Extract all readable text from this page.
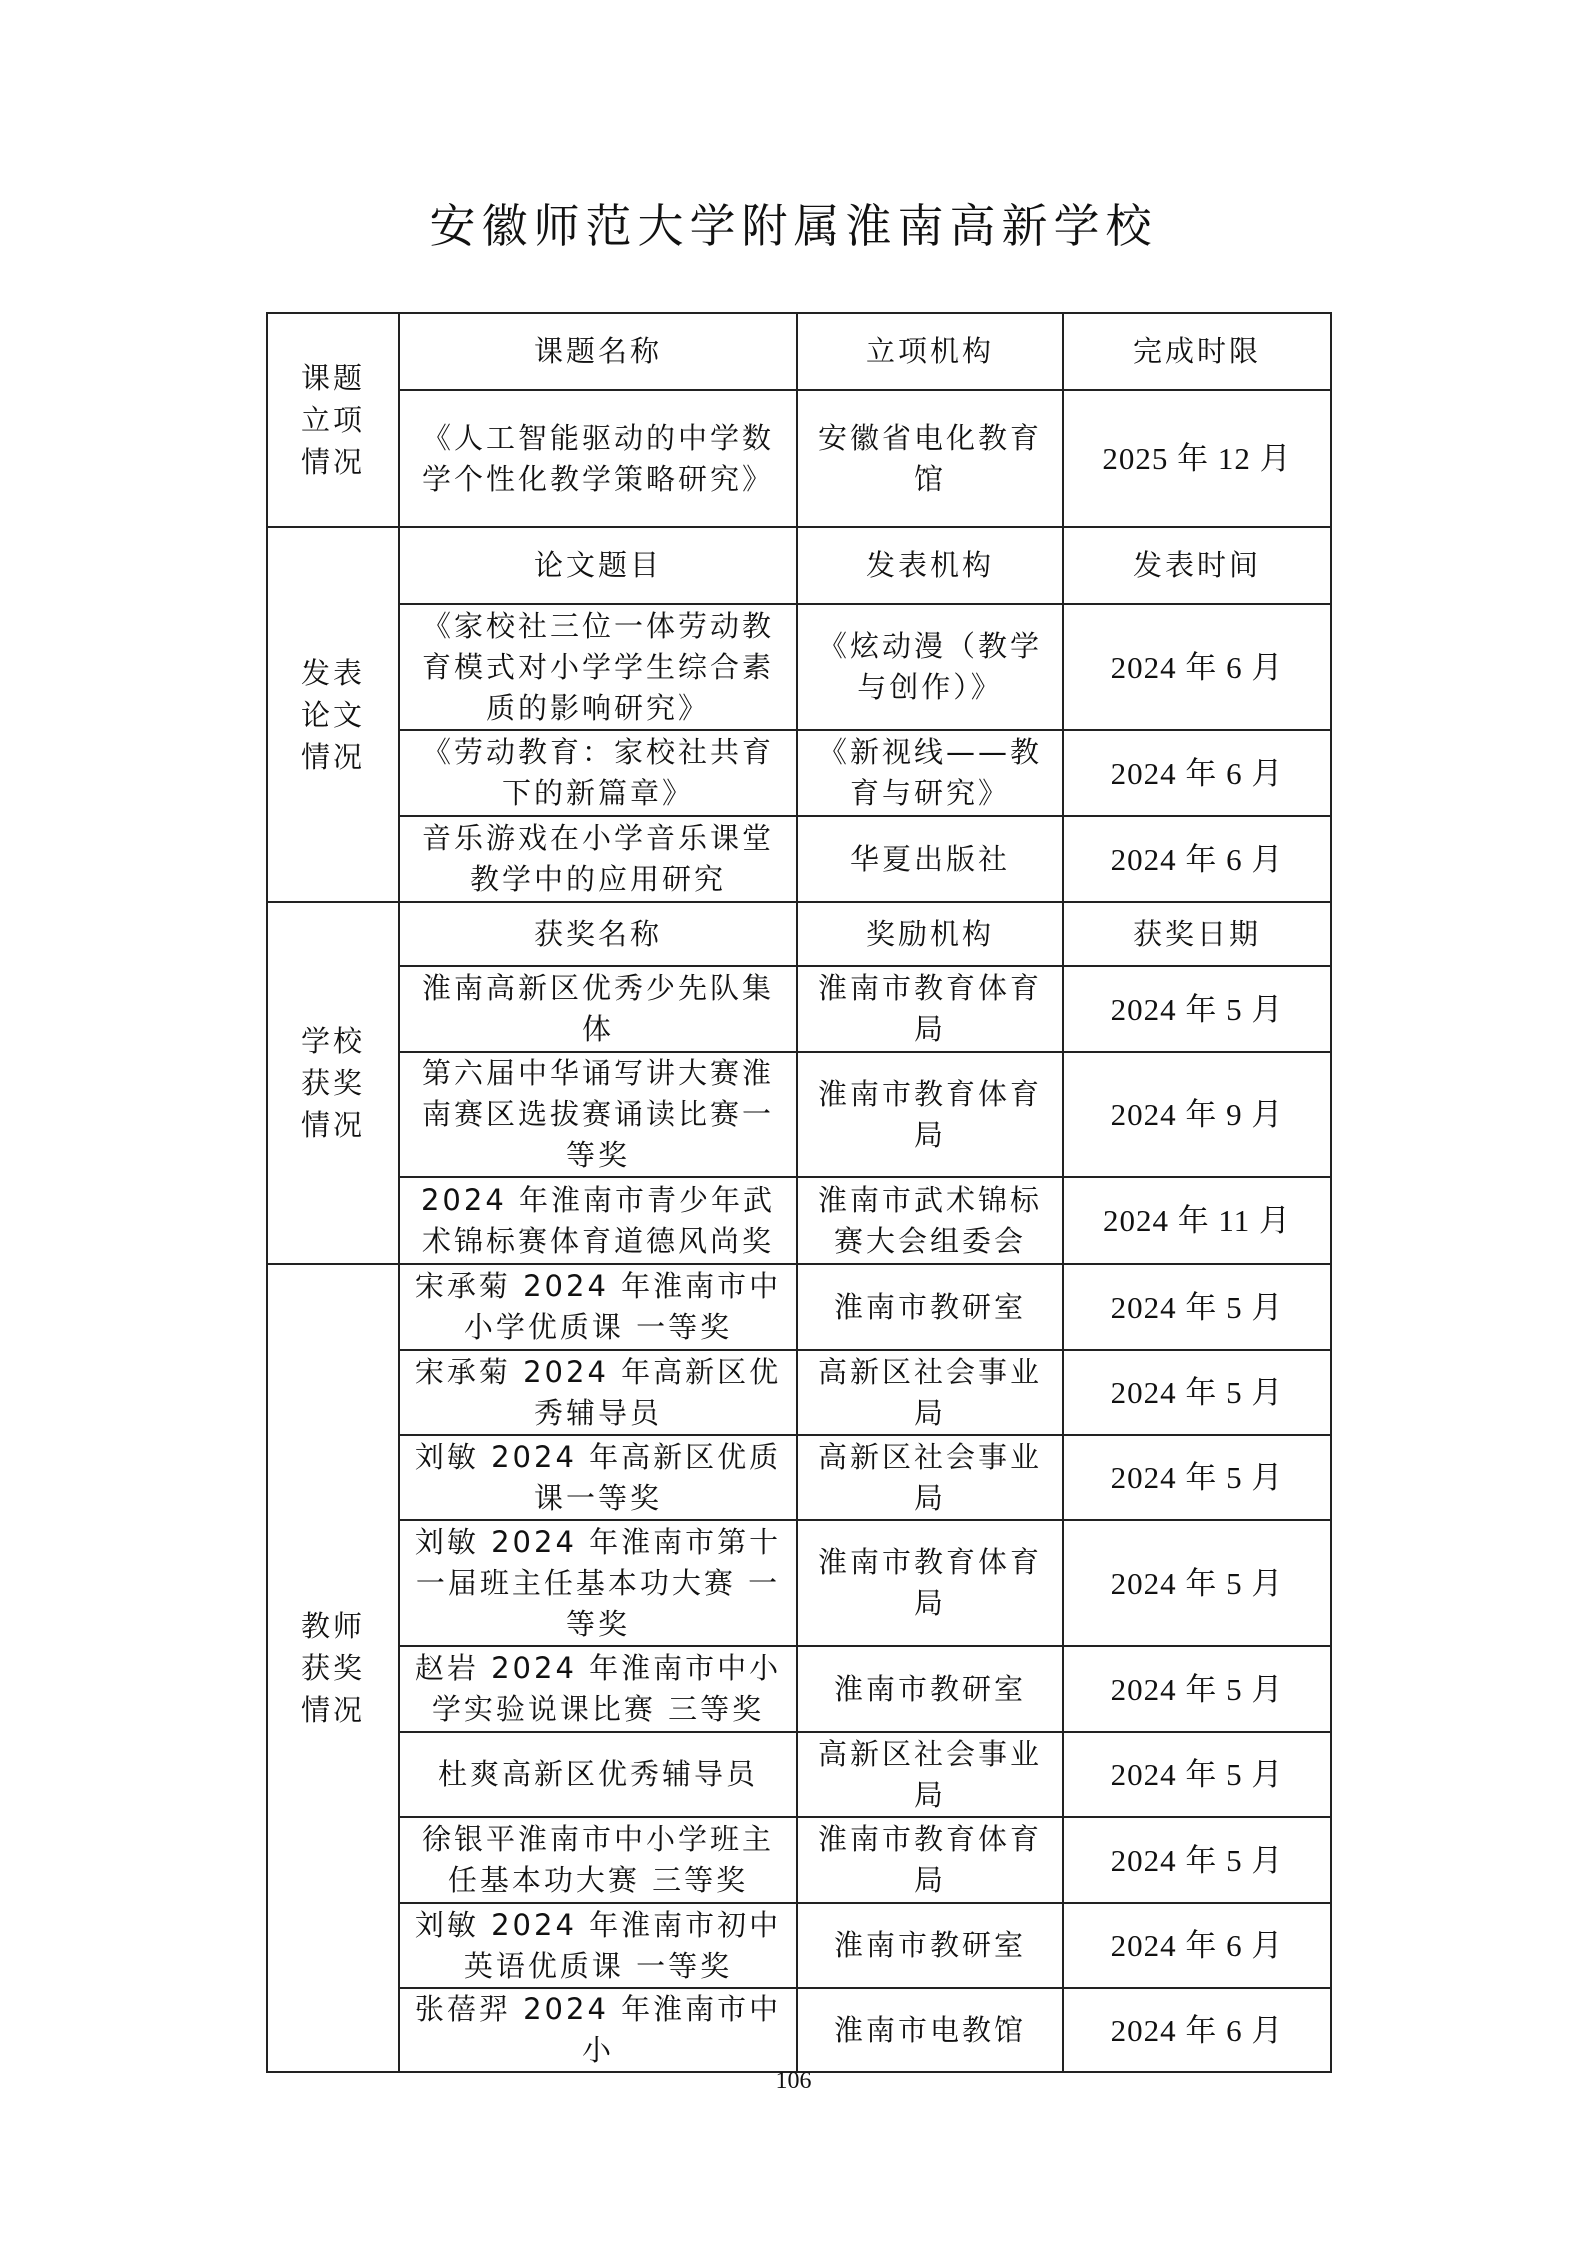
安徽师范大学附属淮南高新学校
课题
立项
情况	课题名称	立项机构	完成时限
	《人工智能驱动的中学数学个性化教学策略研究》	安徽省电化教育馆	2025 年 12 月

发表
论文
情况	论文题目	发表机构	发表时间
	《家校社三位一体劳动教育模式对小学学生综合素质的影响研究》	《炫动漫（教学与创作）》	2024 年 6 月
	《劳动教育：家校社共育下的新篇章》	《新视线——教育与研究》	2024 年 6 月
	音乐游戏在小学音乐课堂教学中的应用研究	华夏出版社	2024 年 6 月

学校
获奖
情况	获奖名称	奖励机构	获奖日期
	淮南高新区优秀少先队集体	淮南市教育体育局	2024 年 5 月
	第六届中华诵写讲大赛淮南赛区选拔赛诵读比赛一等奖	淮南市教育体育局	2024 年 9 月
	2024 年淮南市青少年武术锦标赛体育道德风尚奖	淮南市武术锦标赛大会组委会	2024 年 11 月

教师
获奖
情况	宋承菊 2024 年淮南市中小学优质课 一等奖	淮南市教研室	2024 年 5 月
	宋承菊 2024 年高新区优秀辅导员	高新区社会事业局	2024 年 5 月
	刘敏 2024 年高新区优质课一等奖	高新区社会事业局	2024 年 5 月
	刘敏 2024 年淮南市第十一届班主任基本功大赛 一等奖	淮南市教育体育局	2024 年 5 月
	赵岩 2024 年淮南市中小学实验说课比赛 三等奖	淮南市教研室	2024 年 5 月
	杜爽高新区优秀辅导员	高新区社会事业局	2024 年 5 月
	徐银平淮南市中小学班主任基本功大赛 三等奖	淮南市教育体育局	2024 年 5 月
	刘敏 2024 年淮南市初中英语优质课 一等奖	淮南市教研室	2024 年 6 月
	张蓓羿 2024 年淮南市中小	淮南市电教馆	2024 年 6 月
106
